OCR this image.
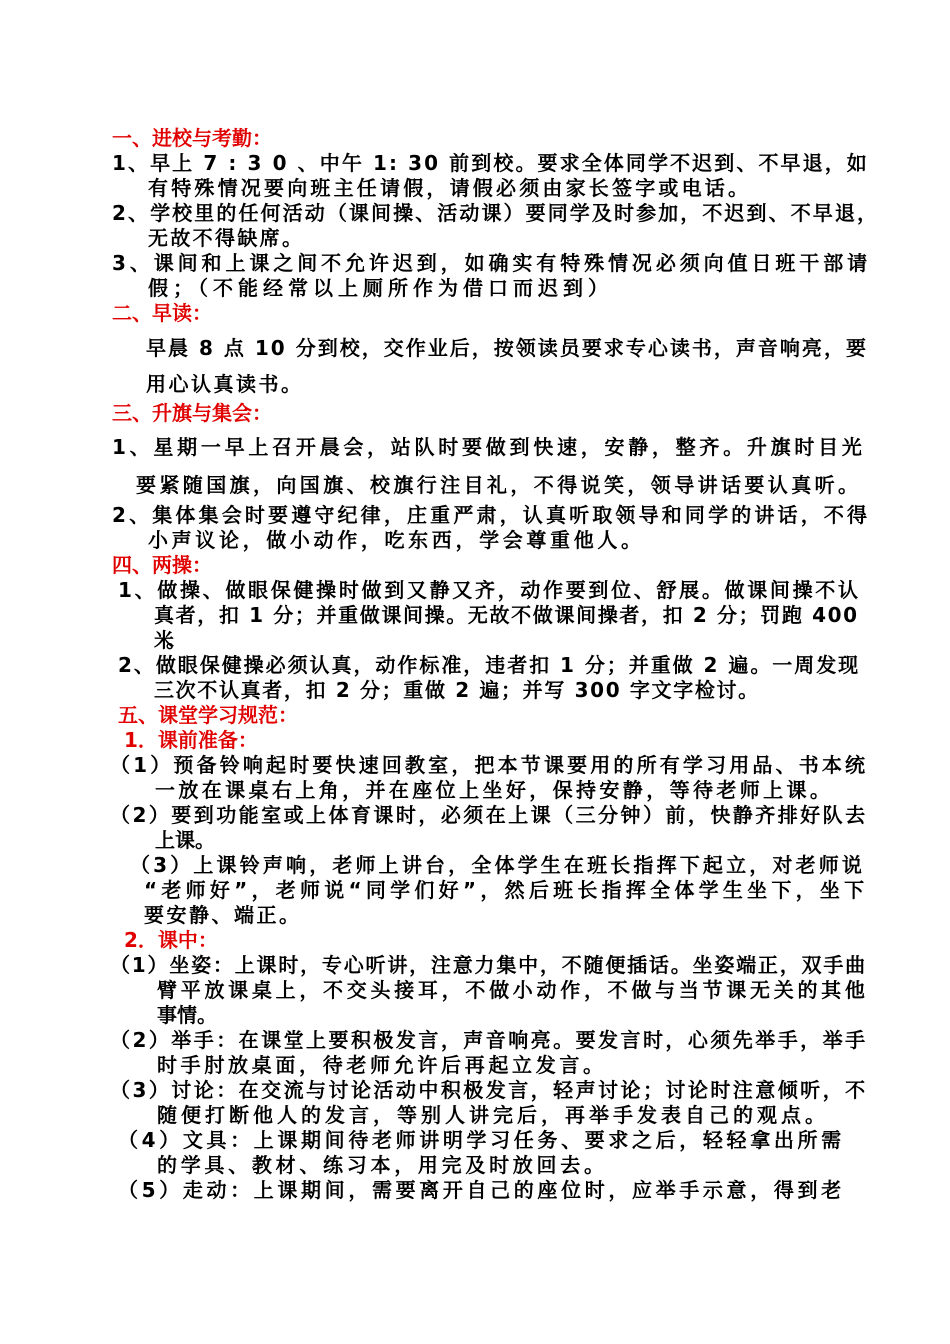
一、进校与考勤：
1、早上 7 : 3 0 、中午 1: 30 前到校。要求全体同学不迟到、不早退，如
有特殊情况要向班主任请假，请假必须由家长签字或电话。
2、学校里的任何活动（课间操、活动课）要同学及时参加，不迟到、不早退，
无故不得缺席。
3、课间和上课之间不允许迟到，如确实有特殊情况必须向值日班干部请
假；（不能经常以上厕所作为借口而迟到）
二、早读：
早晨 8 点 10 分到校，交作业后，按领读员要求专心读书，声音响亮，要
用心认真读书。
三、升旗与集会：
1、星期一早上召开晨会，站队时要做到快速，安静，整齐。升旗时目光
要紧随国旗，向国旗、校旗行注目礼，不得说笑，领导讲话要认真听。
2、集体集会时要遵守纪律，庄重严肃，认真听取领导和同学的讲话，不得
小声议论，做小动作，吃东西，学会尊重他人。
四、两操：
1、做操、做眼保健操时做到又静又齐，动作要到位、舒展。做课间操不认
真者，扣 1 分；并重做课间操。无故不做课间操者，扣 2 分；罚跑 400
米。
2、做眼保健操必须认真，动作标准，违者扣 1 分；并重做 2 遍。一周发现
三次不认真者，扣 2 分；重做 2 遍；并写 300 字文字检讨。
五、课堂学习规范：
1．课前准备：
（1）预备铃响起时要快速回教室，把本节课要用的所有学习用品、书本统
一放在课桌右上角，并在座位上坐好，保持安静，等待老师上课。
（2）要到功能室或上体育课时，必须在上课（三分钟）前，快静齐排好队去
上课。
（3）上课铃声响，老师上讲台，全体学生在班长指挥下起立，对老师说
“老师好”，老师说“同学们好”，然后班长指挥全体学生坐下，坐下
要安静、端正。
2．课中：
（1）坐姿：上课时，专心听讲，注意力集中，不随便插话。坐姿端正，双手曲
臂平放课桌上，不交头接耳，不做小动作，不做与当节课无关的其他
事情。
（2）举手：在课堂上要积极发言，声音响亮。要发言时，心须先举手，举手
时手肘放桌面，待老师允许后再起立发言。
（3）讨论：在交流与讨论活动中积极发言，轻声讨论；讨论时注意倾听，不
随便打断他人的发言，等别人讲完后，再举手发表自己的观点。
（4）文具：上课期间待老师讲明学习任务、要求之后，轻轻拿出所需
的学具、教材、练习本，用完及时放回去。
（5）走动：上课期间，需要离开自己的座位时，应举手示意，得到老
